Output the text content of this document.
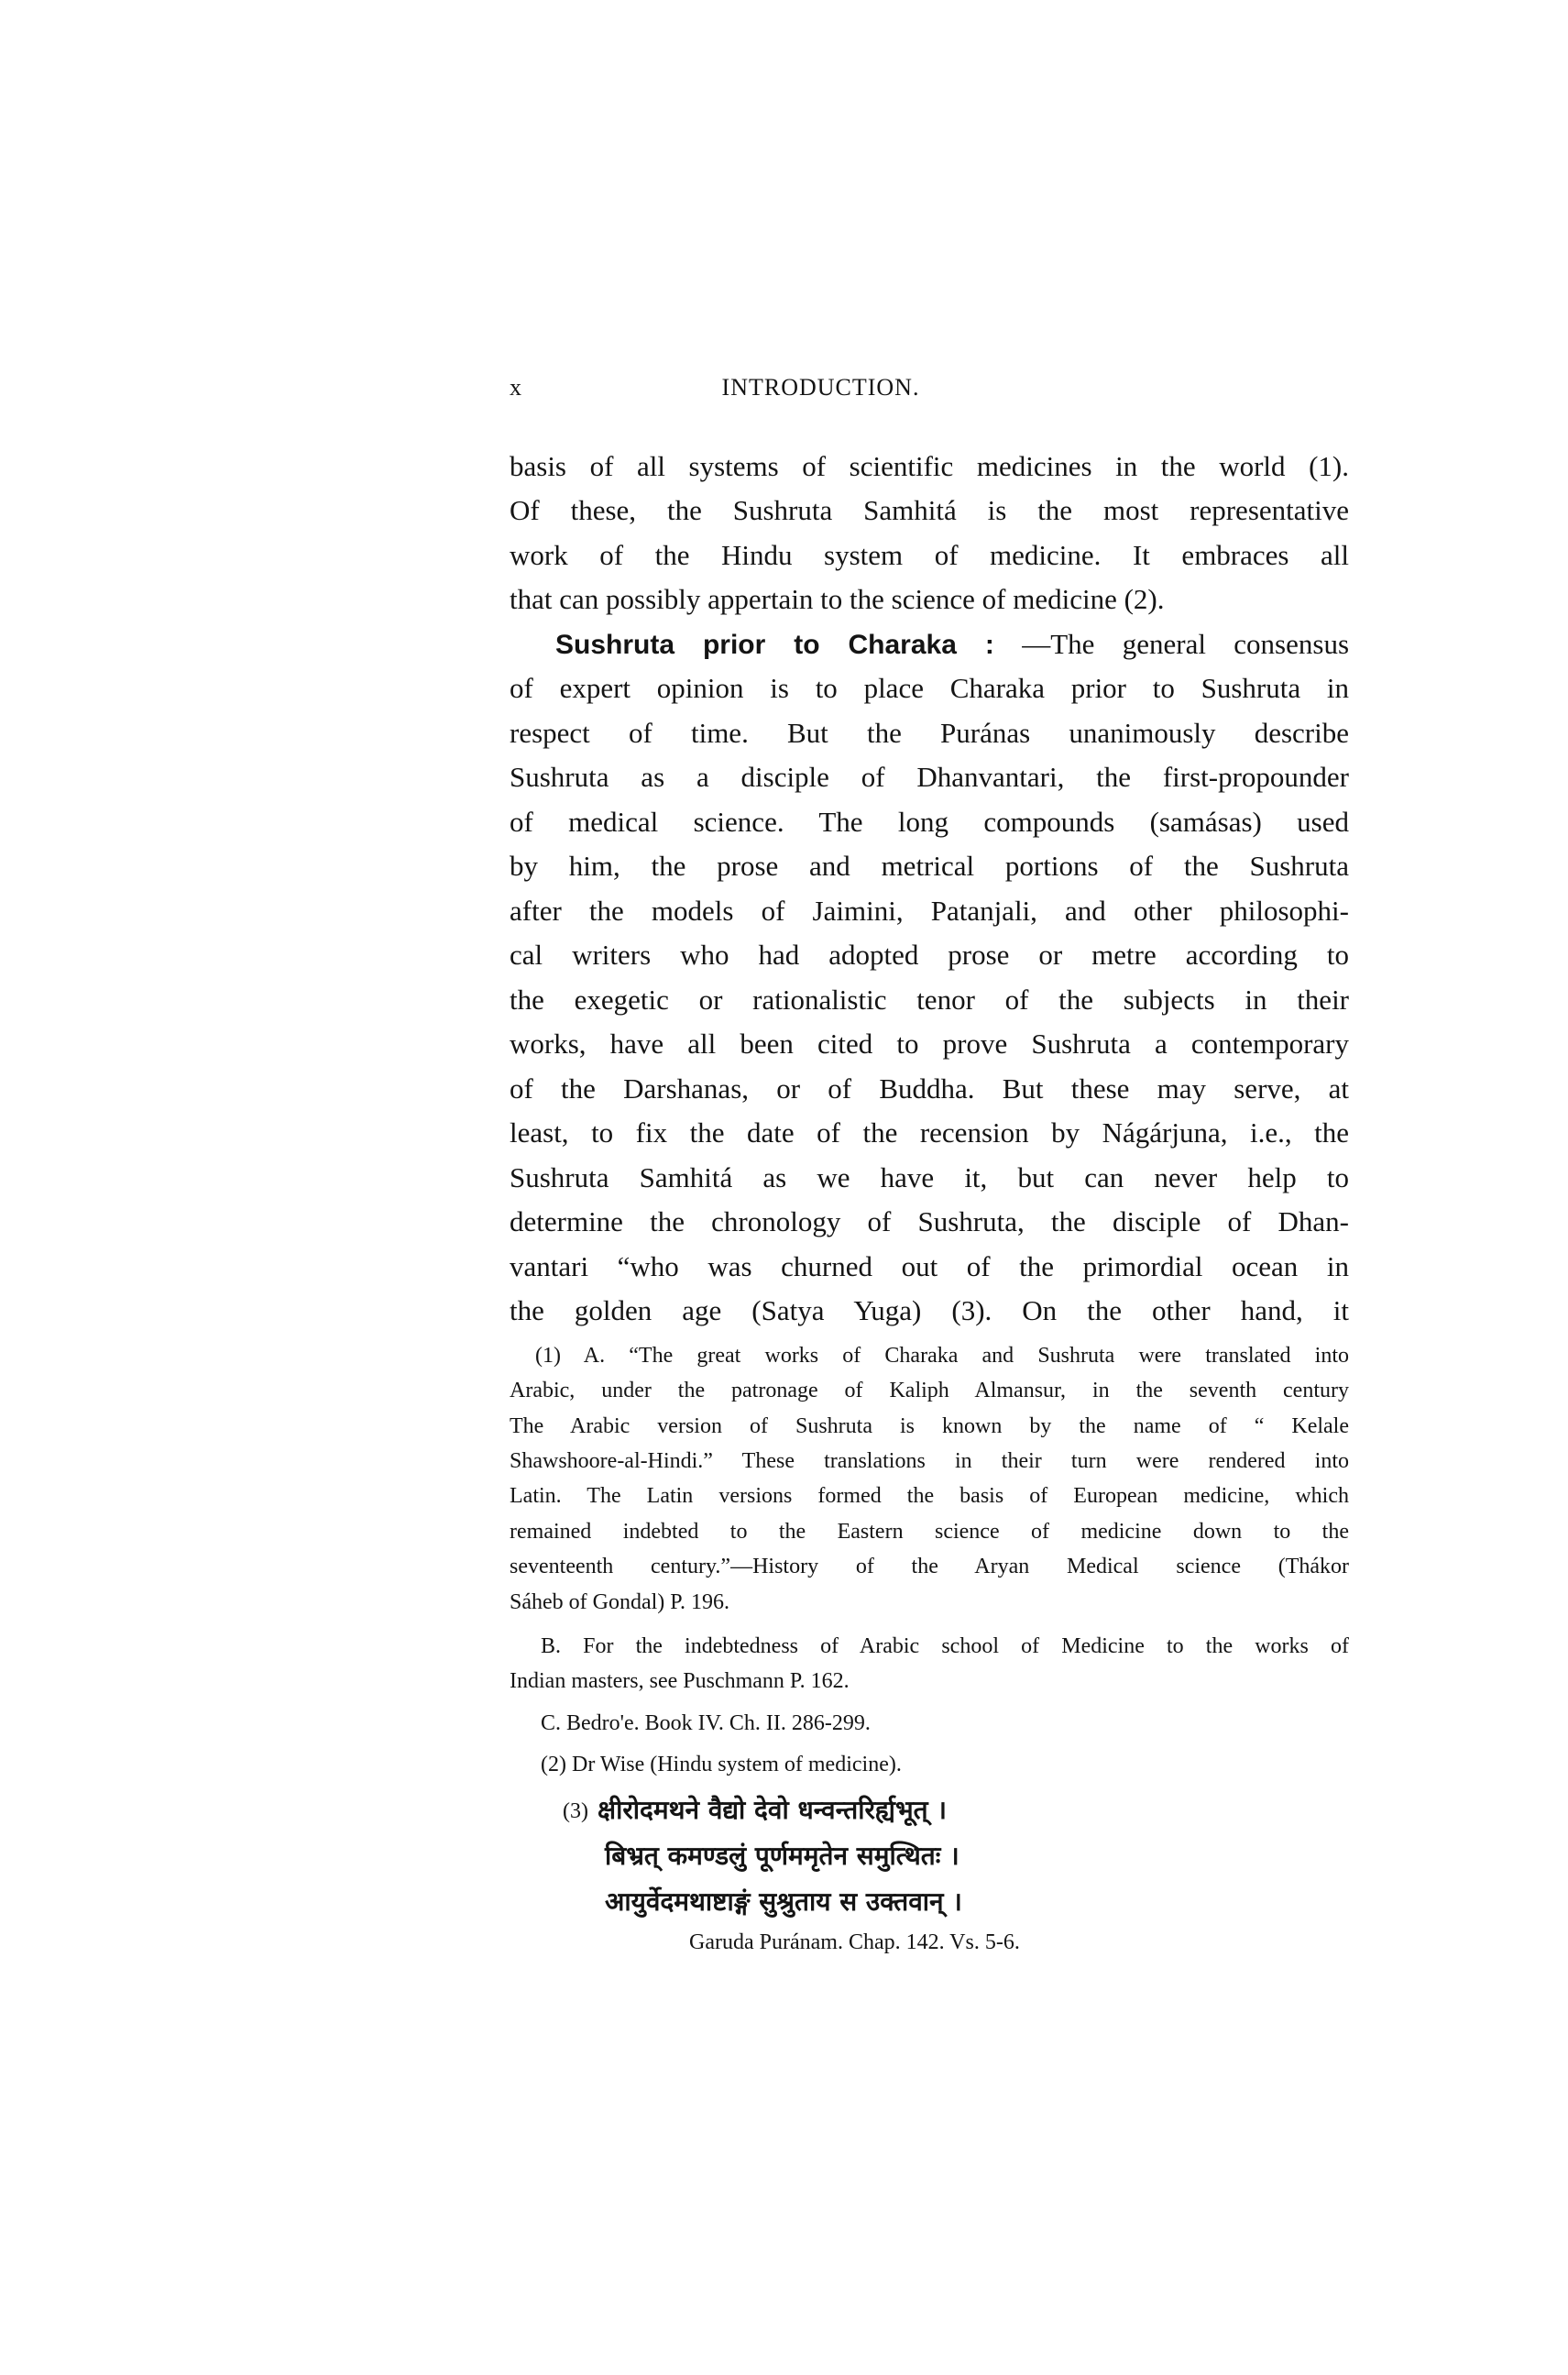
x	INTRODUCTION.
basis of all systems of scientific medicines in the world (1).
Of these, the Sushruta Samhitá is the most representative
work of the Hindu system of medicine. It embraces all
that can possibly appertain to the science of medicine (2).
Sushruta prior to Charaka : —The general consensus
of expert opinion is to place Charaka prior to Sushruta in
respect of time. But the Puránas unanimously describe
Sushruta as a disciple of Dhanvantari, the first-propounder
of medical science. The long compounds (samásas) used
by him, the prose and metrical portions of the Sushruta
after the models of Jaimini, Patanjali, and other philosophi-
cal writers who had adopted prose or metre according to
the exegetic or rationalistic tenor of the subjects in their
works, have all been cited to prove Sushruta a contemporary
of the Darshanas, or of Buddha. But these may serve, at
least, to fix the date of the recension by Nágárjuna, i.e., the
Sushruta Samhitá as we have it, but can never help to
determine the chronology of Sushruta, the disciple of Dhan-
vantari “who was churned out of the primordial ocean in
the golden age (Satya Yuga) (3). On the other hand, it
(1) A. “The great works of Charaka and Sushruta were translated into
Arabic, under the patronage of Kaliph Almansur, in the seventh century
The Arabic version of Sushruta is known by the name of “ Kelale
Shawshoore-al-Hindi.” These translations in their turn were rendered into
Latin. The Latin versions formed the basis of European medicine, which
remained indebted to the Eastern science of medicine down to the
seventeenth century.”—History of the Aryan Medical science (Thákor
Sáheb of Gondal) P. 196.
B. For the indebtedness of Arabic school of Medicine to the works of
Indian masters, see Puschmann P. 162.
C. Bedro'e. Book IV. Ch. II. 286-299.
(2) Dr Wise (Hindu system of medicine).
(3) क्षीरोदमथने वैद्यो देवो धन्वन्तरिर्ह्यभूत् ।
बिभ्रत् कमण्डलुं पूर्णममृतेन समुत्थितः ।
आयुर्वेदमथाष्टाङ्गं सुश्रुताय स उक्तवान् ।
Garuda Puránam. Chap. 142. Vs. 5-6.
